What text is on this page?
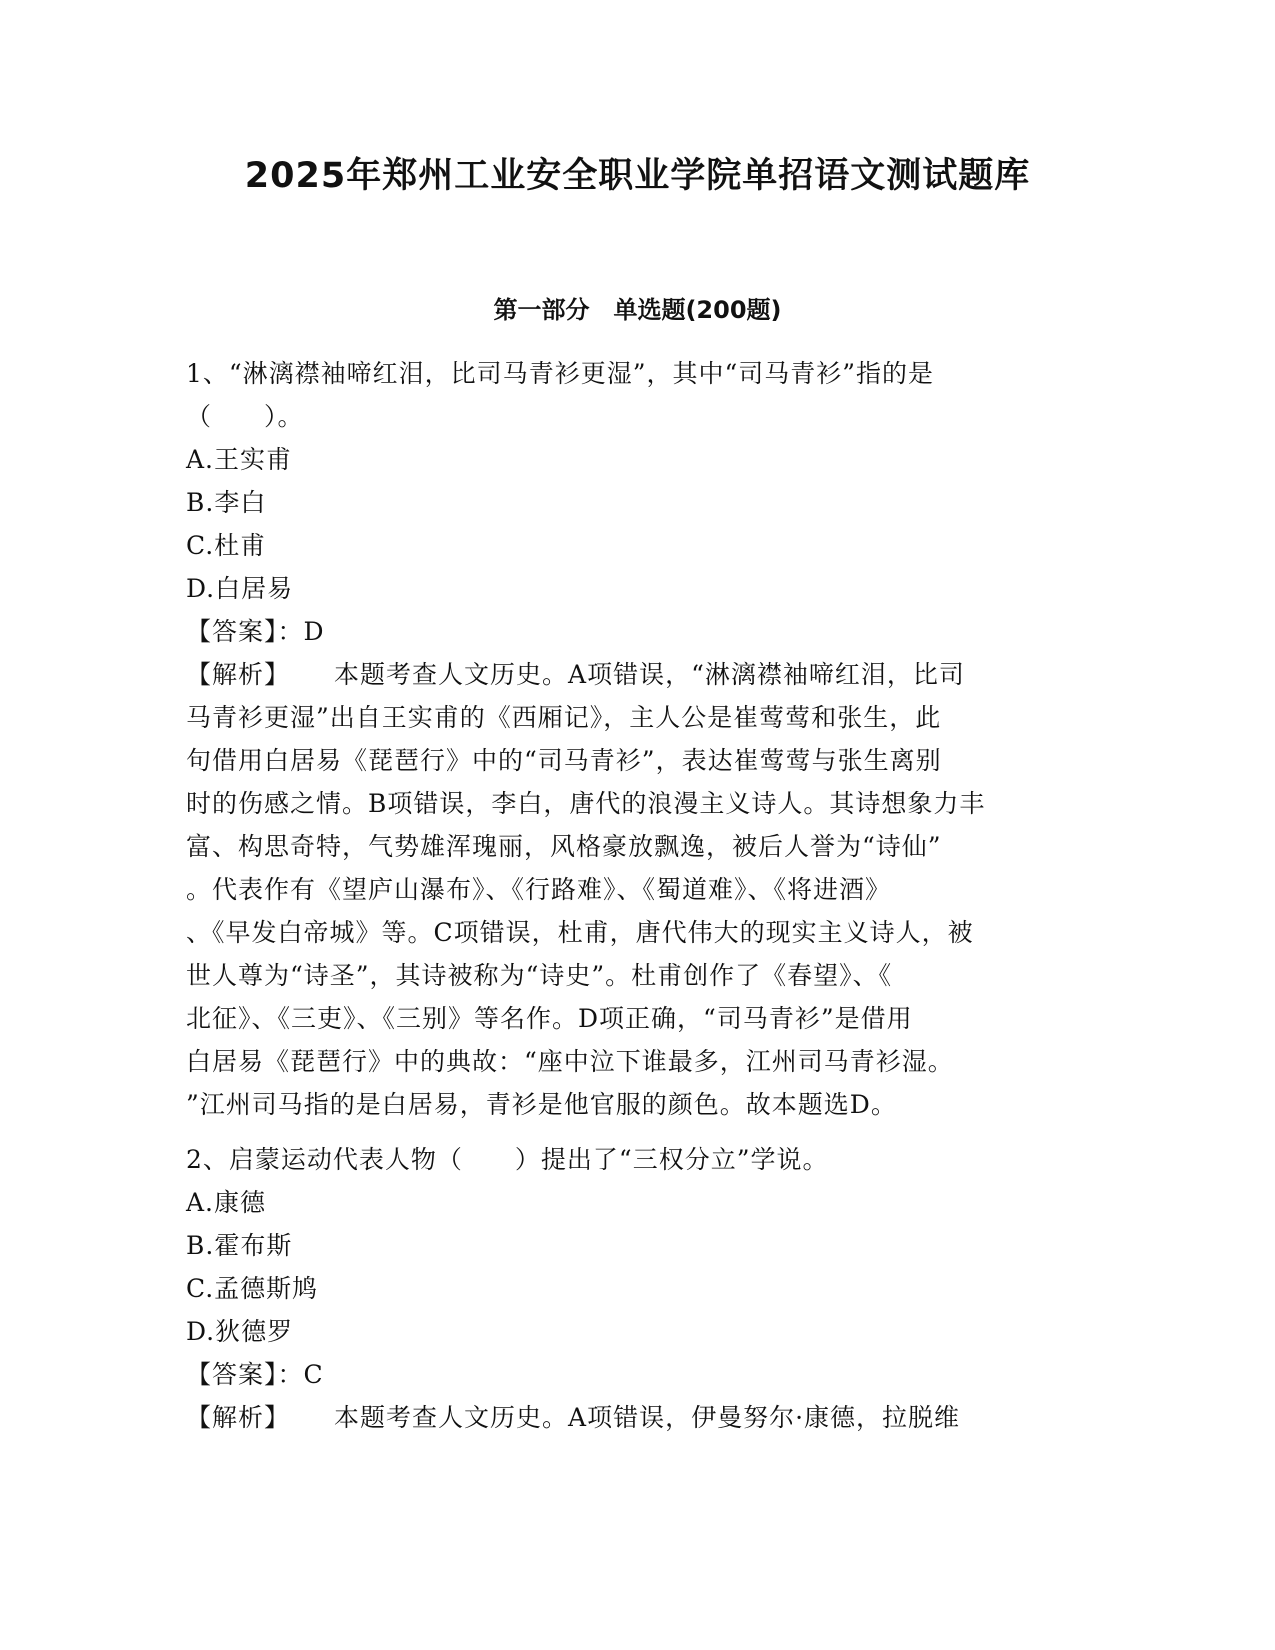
2025年郑州工业安全职业学院单招语文测试题库
第一部分　单选题(200题)
1、“淋漓襟袖啼红泪，比司马青衫更湿”，其中“司马青衫”指的是
（　　）。
A.王实甫
B.李白
C.杜甫
D.白居易
【答案】：D
【解析】 本题考查人文历史。A项错误，“淋漓襟袖啼红泪，比司
马青衫更湿”出自王实甫的《西厢记》，主人公是崔莺莺和张生，此
句借用白居易《琵琶行》中的“司马青衫”，表达崔莺莺与张生离别
时的伤感之情。B项错误，李白，唐代的浪漫主义诗人。其诗想象力丰
富、构思奇特，气势雄浑瑰丽，风格豪放飘逸，被后人誉为“诗仙”
。代表作有《望庐山瀑布》、《行路难》、《蜀道难》、《将进酒》
、《早发白帝城》等。C项错误，杜甫，唐代伟大的现实主义诗人，被
世人尊为“诗圣”，其诗被称为“诗史”。杜甫创作了《春望》、《
北征》、《三吏》、《三别》等名作。D项正确，“司马青衫”是借用
白居易《琵琶行》中的典故：“座中泣下谁最多，江州司马青衫湿。
”江州司马指的是白居易，青衫是他官服的颜色。故本题选D。
2、启蒙运动代表人物（　　）提出了“三权分立”学说。
A.康德
B.霍布斯
C.孟德斯鸠
D.狄德罗
【答案】：C
【解析】 本题考查人文历史。A项错误，伊曼努尔·康德，拉脱维
